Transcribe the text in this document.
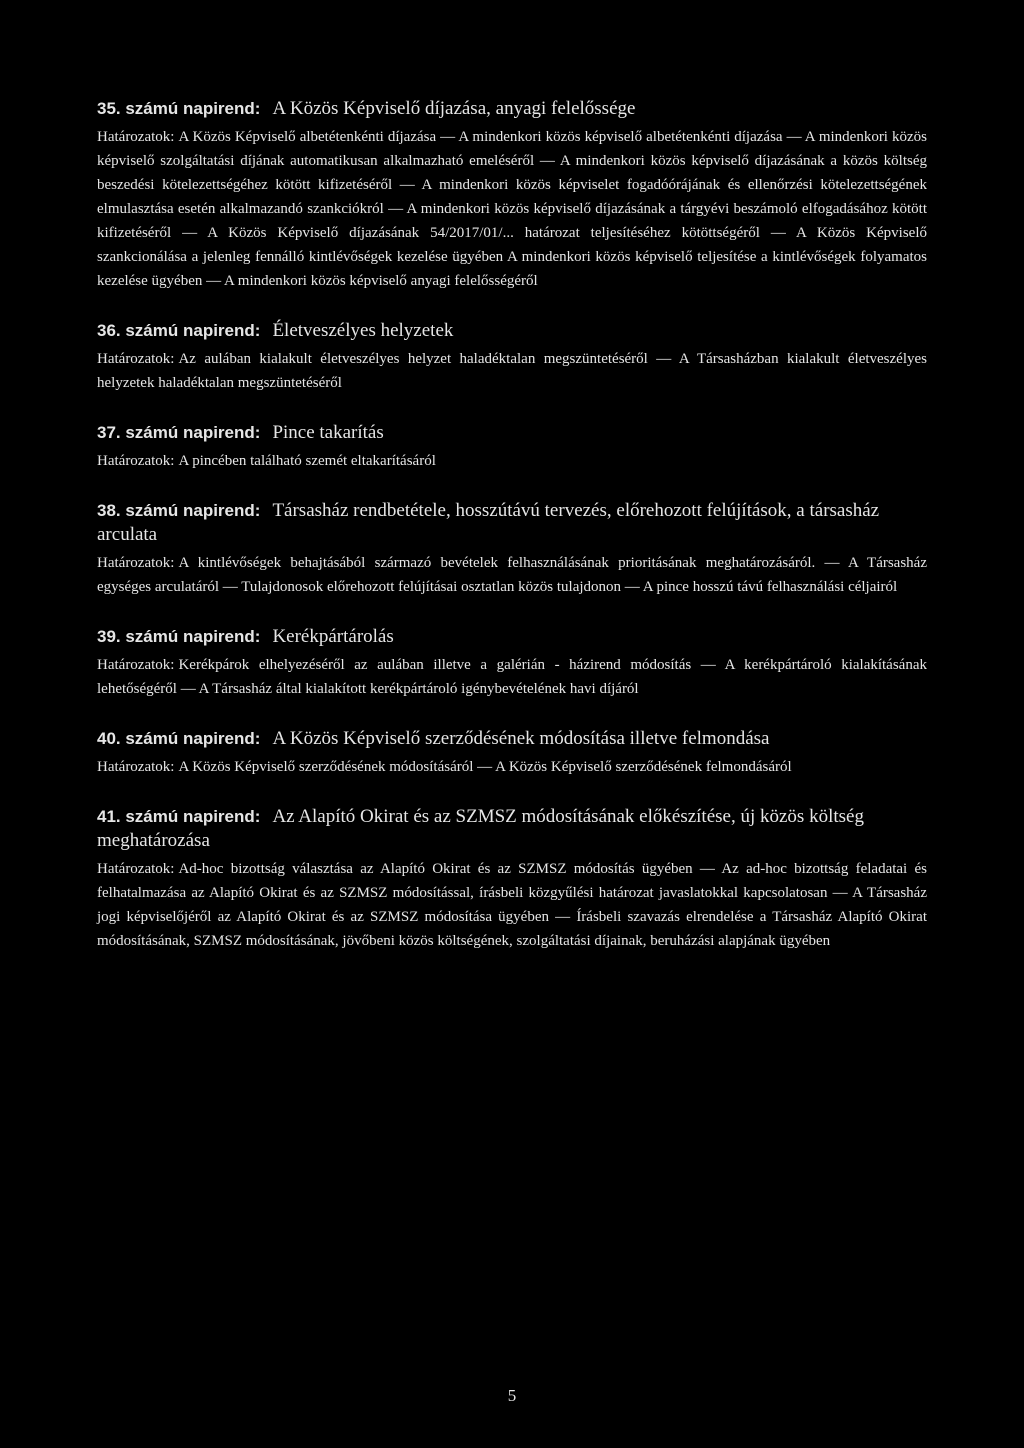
35. számú napirend: A Közös Képviselő díjazása, anyagi felelőssége

Határozatok: A Közös Képviselő albetétenkénti díjazása — A mindenkori közös képviselő albetétenkénti díjazása — A mindenkori közös képviselő szolgáltatási díjának automatikusan alkalmazható emeléséről — A mindenkori közös képviselő díjazásának a közös költség beszedési kötelezettségéhez kötött kifizetéséről — A mindenkori közös képviselet fogadóórájának és ellenőrzési kötelezettségének elmulasztása esetén alkalmazandó szankciókról — A mindenkori közös képviselő díjazásának a tárgyévi beszámoló elfogadásához kötött kifizetéséről — A Közös Képviselő díjazásának 54/2017/01/... határozat teljesítéséhez kötöttségéről — A Közös Képviselő szankcionálása a jelenleg fennálló kintlévőségek kezelése ügyében A mindenkori közös képviselő teljesítése a kintlévőségek folyamatos kezelése ügyében — A mindenkori közös képviselő anyagi felelősségéről

36. számú napirend: Életveszélyes helyzetek

Határozatok: Az aulában kialakult életveszélyes helyzet haladéktalan megszüntetéséről — A Társasházban kialakult életveszélyes helyzetek haladéktalan megszüntetéséről

37. számú napirend: Pince takarítás

Határozatok: A pincében található szemét eltakarításáról

38. számú napirend: Társasház rendbetétele, hosszútávú tervezés, előrehozott felújítások, a társasház arculata

Határozatok: A kintlévőségek behajtásából származó bevételek felhasználásának prioritásának meghatározásáról. — A Társasház egységes arculatáról — Tulajdonosok előrehozott felújításai osztatlan közös tulajdonon — A pince hosszú távú felhasználási céljairól

39. számú napirend: Kerékpártárolás

Határozatok: Kerékpárok elhelyezéséről az aulában illetve a galérián - házirend módosítás — A kerékpártároló kialakításának lehetőségéről — A Társasház által kialakított kerékpártároló igénybevételének havi díjáról

40. számú napirend: A Közös Képviselő szerződésének módosítása illetve felmondása

Határozatok: A Közös Képviselő szerződésének módosításáról — A Közös Képviselő szerződésének felmondásáról

41. számú napirend: Az Alapító Okirat és az SZMSZ módosításának előkészítése, új közös költség meghatározása

Határozatok: Ad-hoc bizottság választása az Alapító Okirat és az SZMSZ módosítás ügyében — Az ad-hoc bizottság feladatai és felhatalmazása az Alapító Okirat és az SZMSZ módosítással, írásbeli közgyűlési határozat javaslatokkal kapcsolatosan — A Társasház jogi képviselőjéről az Alapító Okirat és az SZMSZ módosítása ügyében — Írásbeli szavazás elrendelése a Társasház Alapító Okirat módosításának, SZMSZ módosításának, jövőbeni közös költségének, szolgáltatási díjainak, beruházási alapjának ügyében

5
